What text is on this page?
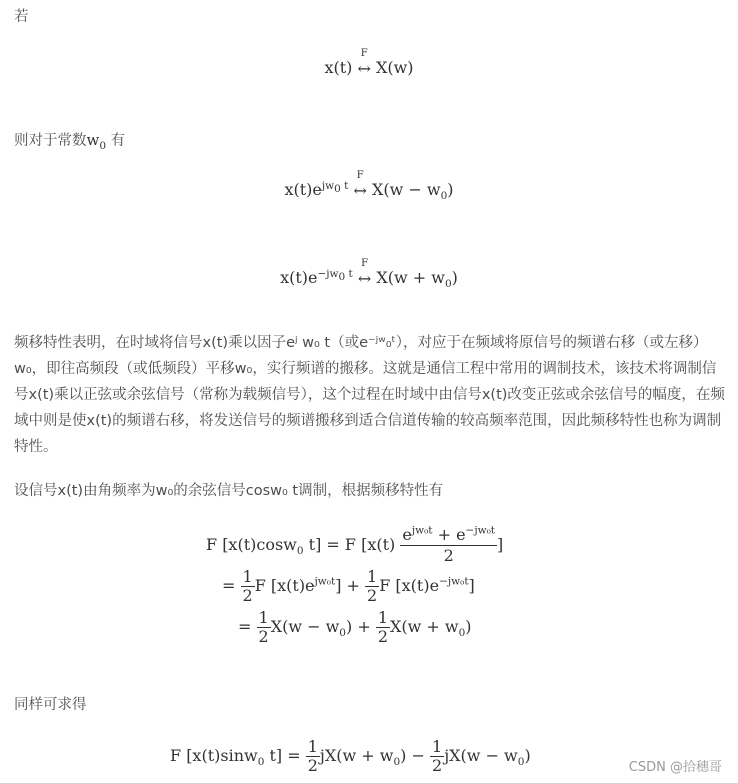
若
x(t)
F
↔ X(w)
则对于常数$w_0$ 有
$x(t)e^{jw_0 t}$
F
↔ $X(w - w_0)$
$x(t)e^{-jw_0 t}$
F
↔ $X(w + w_0)$
频移特性表明，在时域将信号x(t)乘以因子eʲ w₀ t（或e⁻ʲʷ₀ᵗ），对应于在频域将原信号的频谱右移（或左移）w₀，即往高频段（或低频段）平移w₀，实行频谱的搬移。这就是通信工程中常用的调制技术，该技术将调制信号x(t)乘以正弦或余弦信号（常称为载频信号），这个过程在时域中由信号x(t)改变正弦或余弦信号的幅度，在频域中则是使x(t)的频谱右移，将发送信号的频谱搬移到适合信道传输的较高频率范围，因此频移特性也称为调制特性。
设信号x(t)由角频率为w₀的余弦信号cosw₀ t调制，根据频移特性有
F [x(t)cosw$_0$ t] = F [$x(t) \frac{e^{jw_0t} + e^{-jw_0t}}{2}$ ]
= $\frac{1}{2}$ F $[x(t)e^{jw_0t}] + \frac{1}{2}$ F $[x(t)e^{-jw_0t}]$
= $\frac{1}{2} X(w - w_0) + \frac{1}{2} X(w + w_0)$
同样可求得
F [x(t)sinw$_0$ $t] = \frac{1}{2} jX(w + w_0) - \frac{1}{2} jX(w - w_0)$
CSDN @拾穗哥
